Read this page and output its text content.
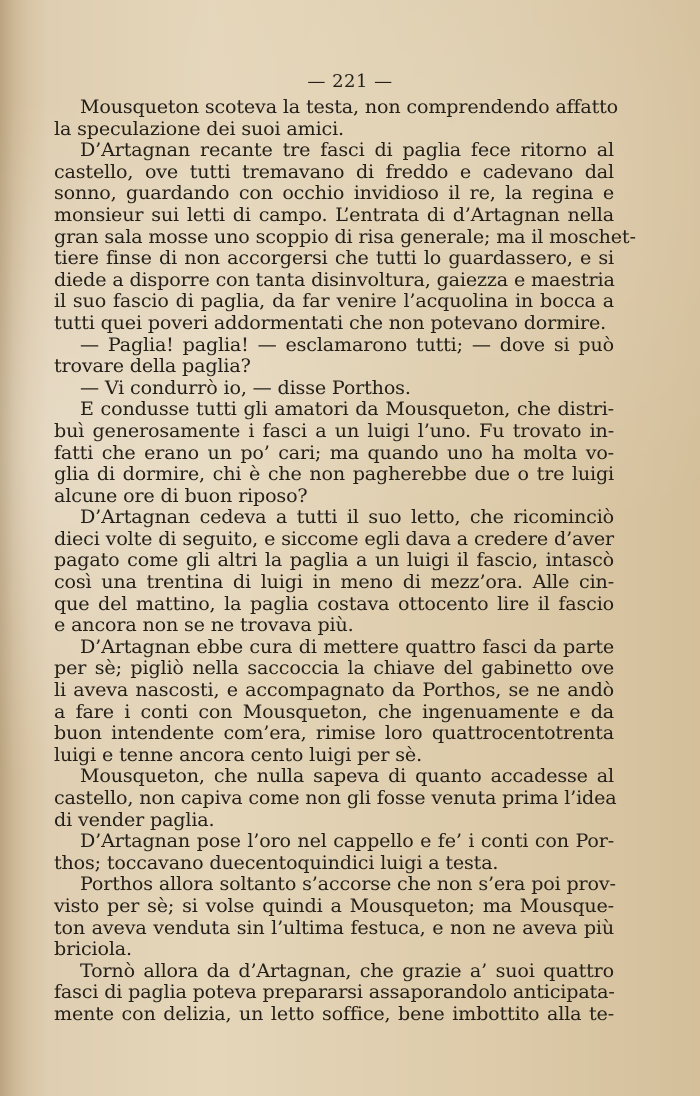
— 221 —
Mousqueton scoteva la testa, non comprendendo affatto
la speculazione dei suoi amici.
D’Artagnan recante tre fasci di paglia fece ritorno al
castello, ove tutti tremavano di freddo e cadevano dal
sonno, guardando con occhio invidioso il re, la regina e
monsieur sui letti di campo. L’entrata di d’Artagnan nella
gran sala mosse uno scoppio di risa generale; ma il moschet-
tiere finse di non accorgersi che tutti lo guardassero, e si
diede a disporre con tanta disinvoltura, gaiezza e maestria
il suo fascio di paglia, da far venire l’acquolina in bocca a
tutti quei poveri addormentati che non potevano dormire.
— Paglia! paglia! — esclamarono tutti; — dove si può
trovare della paglia?
— Vi condurrò io, — disse Porthos.
E condusse tutti gli amatori da Mousqueton, che distri-
buì generosamente i fasci a un luigi l’uno. Fu trovato in-
fatti che erano un po’ cari; ma quando uno ha molta vo-
glia di dormire, chi è che non pagherebbe due o tre luigi
alcune ore di buon riposo?
D’Artagnan cedeva a tutti il suo letto, che ricominciò
dieci volte di seguito, e siccome egli dava a credere d’aver
pagato come gli altri la paglia a un luigi il fascio, intascò
così una trentina di luigi in meno di mezz’ora. Alle cin-
que del mattino, la paglia costava ottocento lire il fascio
e ancora non se ne trovava più.
D’Artagnan ebbe cura di mettere quattro fasci da parte
per sè; pigliò nella saccoccia la chiave del gabinetto ove
li aveva nascosti, e accompagnato da Porthos, se ne andò
a fare i conti con Mousqueton, che ingenuamente e da
buon intendente com’era, rimise loro quattrocentotrenta
luigi e tenne ancora cento luigi per sè.
Mousqueton, che nulla sapeva di quanto accadesse al
castello, non capiva come non gli fosse venuta prima l’idea
di vender paglia.
D’Artagnan pose l’oro nel cappello e fe’ i conti con Por-
thos; toccavano duecentoquindici luigi a testa.
Porthos allora soltanto s’accorse che non s’era poi prov-
visto per sè; si volse quindi a Mousqueton; ma Mousque-
ton aveva venduta sin l’ultima festuca, e non ne aveva più
briciola.
Tornò allora da d’Artagnan, che grazie a’ suoi quattro
fasci di paglia poteva prepararsi assaporandolo anticipata-
mente con delizia, un letto soffice, bene imbottito alla te-
